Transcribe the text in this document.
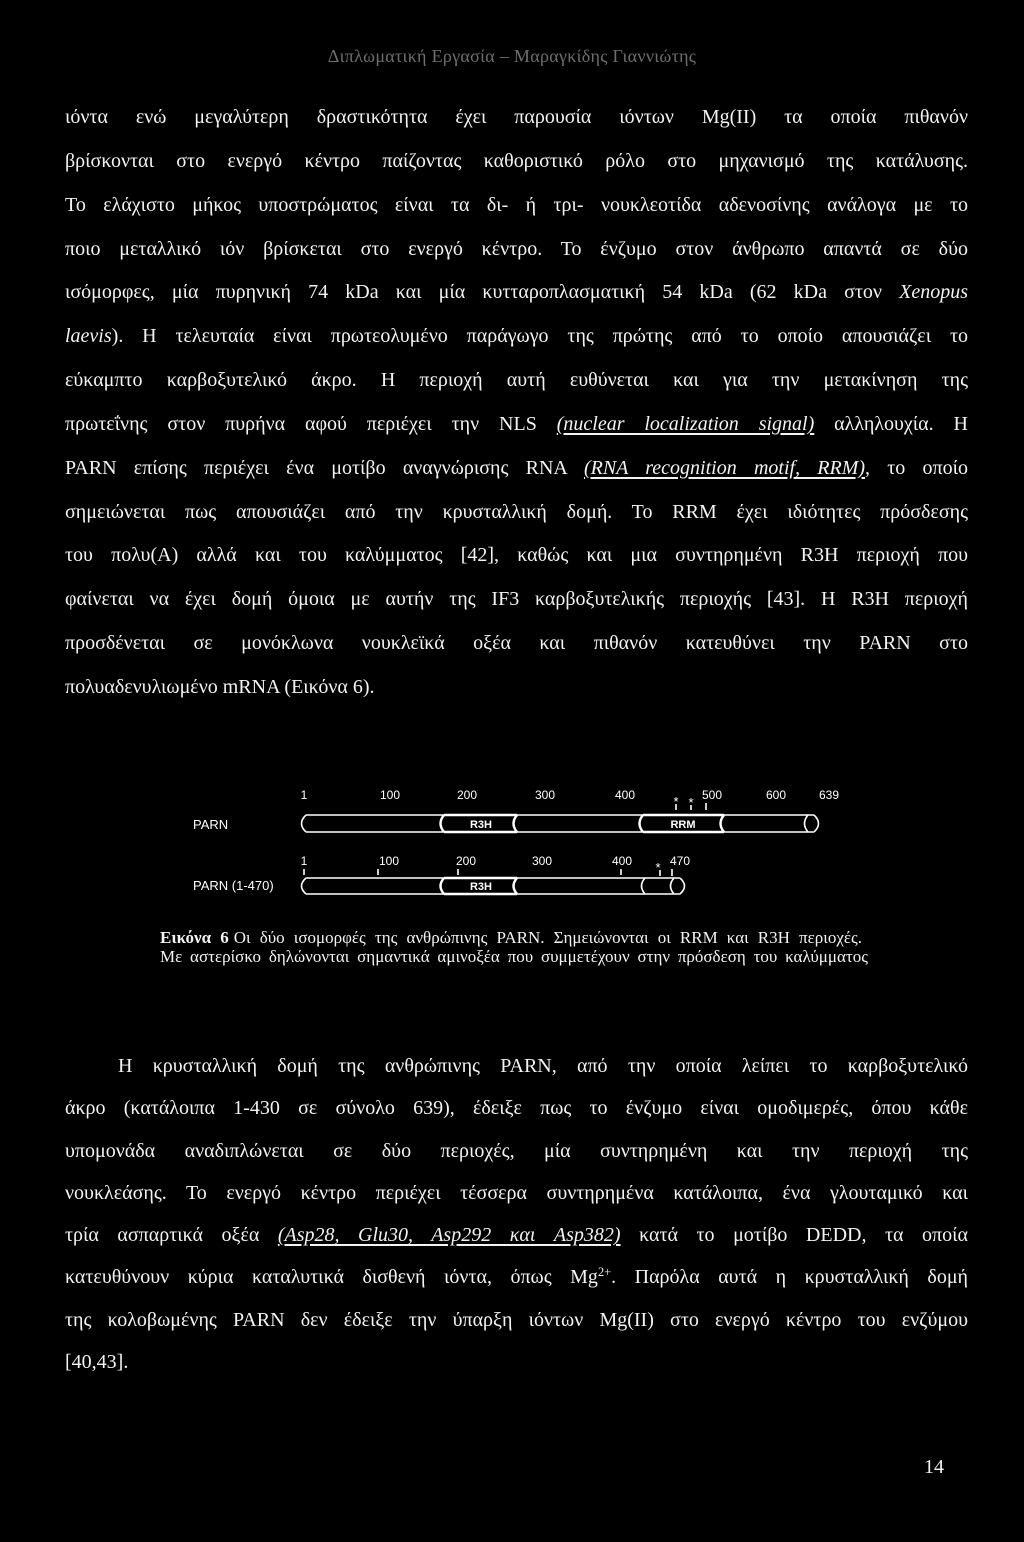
Διπλωματική Εργασία – Μαραγκίδης Γιαννιώτης
ιόντα ενώ μεγαλύτερη δραστικότητα έχει παρουσία ιόντων Mg(II) τα οποία πιθανόν
βρίσκονται στο ενεργό κέντρο παίζοντας καθοριστικό ρόλο στο μηχανισμό της κατάλυσης.
Το ελάχιστο μήκος υποστρώματος είναι τα δι- ή τρι- νουκλεοτίδα αδενοσίνης ανάλογα με το
ποιο μεταλλικό ιόν βρίσκεται στο ενεργό κέντρο. Το ένζυμο στον άνθρωπο απαντά σε δύο
ισόμορφες, μία πυρηνική 74 kDa και μία κυτταροπλασματική 54 kDa (62 kDa στον Xenopus
laevis). Η τελευταία είναι πρωτεολυμένο παράγωγο της πρώτης από το οποίο απουσιάζει το
εύκαμπτο καρβοξυτελικό άκρο. Η περιοχή αυτή ευθύνεται και για την μετακίνηση της
πρωτεΐνης στον πυρήνα αφού περιέχει την NLS (nuclear localization signal) αλληλουχία. Η
PARN επίσης περιέχει ένα μοτίβο αναγνώρισης RNA (RNA recognition motif, RRM), το οποίο
σημειώνεται πως απουσιάζει από την κρυσταλλική δομή. Το RRM έχει ιδιότητες πρόσδεσης
του πολυ(A) αλλά και του καλύμματος [42], καθώς και μια συντηρημένη R3H περιοχή που
φαίνεται να έχει δομή όμοια με αυτήν της IF3 καρβοξυτελικής περιοχής [43]. Η R3H περιοχή
προσδένεται σε μονόκλωνα νουκλεϊκά οξέα και πιθανόν κατευθύνει την PARN στο
πολυαδενυλιωμένο mRNA (Εικόνα 6).
PARN
1	100	200	300	400	500	600	639
* *
R3H	RRM
PARN (1-470)
1	100	200	300	400	470
*
R3H
Εικόνα 6 Οι δύο ισομορφές της ανθρώπινης PARN. Σημειώνονται οι RRM και R3H περιοχές.
Με αστερίσκο δηλώνονται σημαντικά αμινοξέα που συμμετέχουν στην πρόσδεση του καλύμματος
Η κρυσταλλική δομή της ανθρώπινης PARN, από την οποία λείπει το καρβοξυτελικό
άκρο (κατάλοιπα 1-430 σε σύνολο 639), έδειξε πως το ένζυμο είναι ομοδιμερές, όπου κάθε
υπομονάδα αναδιπλώνεται σε δύο περιοχές, μία συντηρημένη και την περιοχή της
νουκλεάσης. Το ενεργό κέντρο περιέχει τέσσερα συντηρημένα κατάλοιπα, ένα γλουταμικό και
τρία ασπαρτικά οξέα (Asp28, Glu30, Asp292 και Asp382) κατά το μοτίβο DEDD, τα οποία
κατευθύνουν κύρια καταλυτικά δισθενή ιόντα, όπως $Mg^{2+}$. Παρόλα αυτά η κρυσταλλική δομή
της κολοβωμένης PARN δεν έδειξε την ύπαρξη ιόντων Mg(II) στο ενεργό κέντρο του ενζύμου
[40,43].
14
